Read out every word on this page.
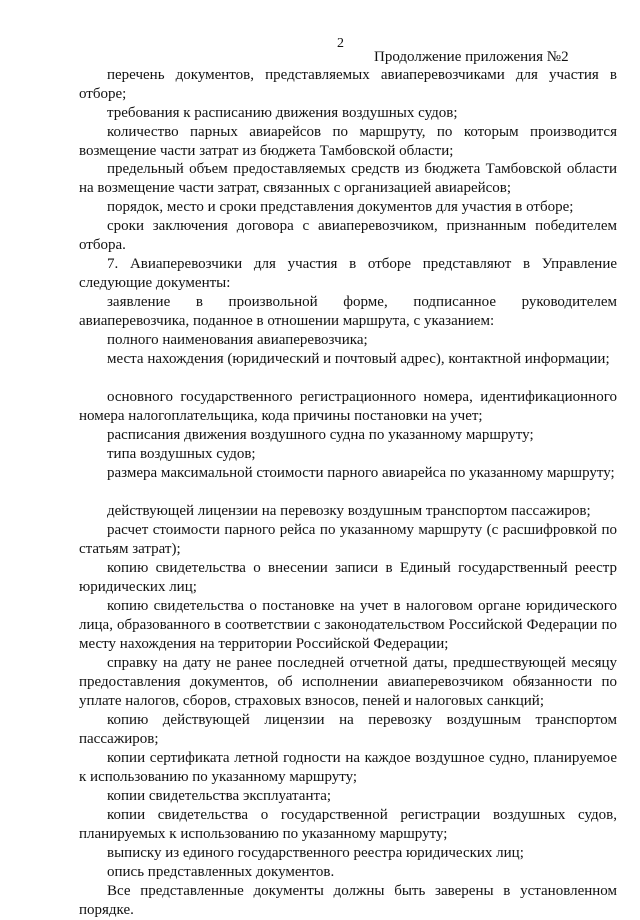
2
Продолжение приложения №2
перечень документов, представляемых авиаперевозчиками для участия в отборе;
требования к расписанию движения воздушных судов;
количество парных авиарейсов по маршруту, по которым производится возмещение части затрат из бюджета Тамбовской области;
предельный объем предоставляемых средств из бюджета Тамбовской области на возмещение части затрат, связанных с организацией авиарейсов;
порядок, место и сроки представления документов для участия в отборе;
сроки заключения договора с авиаперевозчиком, признанным победителем отбора.
7. Авиаперевозчики для участия в отборе представляют в Управление следующие документы:
заявление в произвольной форме, подписанное руководителем авиаперевозчика, поданное в отношении маршрута, с указанием:
полного наименования авиаперевозчика;
места нахождения (юридический и почтовый адрес), контактной информации;
основного государственного регистрационного номера, идентификационного номера налогоплательщика, кода причины постановки на учет;
расписания движения воздушного судна по указанному маршруту;
типа воздушных судов;
размера максимальной стоимости парного авиарейса по указанному маршруту;
действующей лицензии на перевозку воздушным транспортом пассажиров;
расчет стоимости парного рейса по указанному маршруту (с расшифровкой по статьям затрат);
копию свидетельства о внесении записи в Единый государственный реестр юридических лиц;
копию свидетельства о постановке на учет в налоговом органе юридического лица, образованного в соответствии с законодательством Российской Федерации по месту нахождения на территории Российской Федерации;
справку на дату не ранее последней отчетной даты, предшествующей месяцу предоставления документов, об исполнении авиаперевозчиком обязанности по уплате налогов, сборов, страховых взносов, пеней и налоговых санкций;
копию действующей лицензии на перевозку воздушным транспортом пассажиров;
копии сертификата летной годности на каждое воздушное судно, планируемое к использованию по указанному маршруту;
копии свидетельства эксплуатанта;
копии свидетельства о государственной регистрации воздушных судов, планируемых к использованию по указанному маршруту;
выписку из единого государственного реестра юридических лиц;
опись представленных документов.
Все представленные документы должны быть заверены в установленном порядке.
